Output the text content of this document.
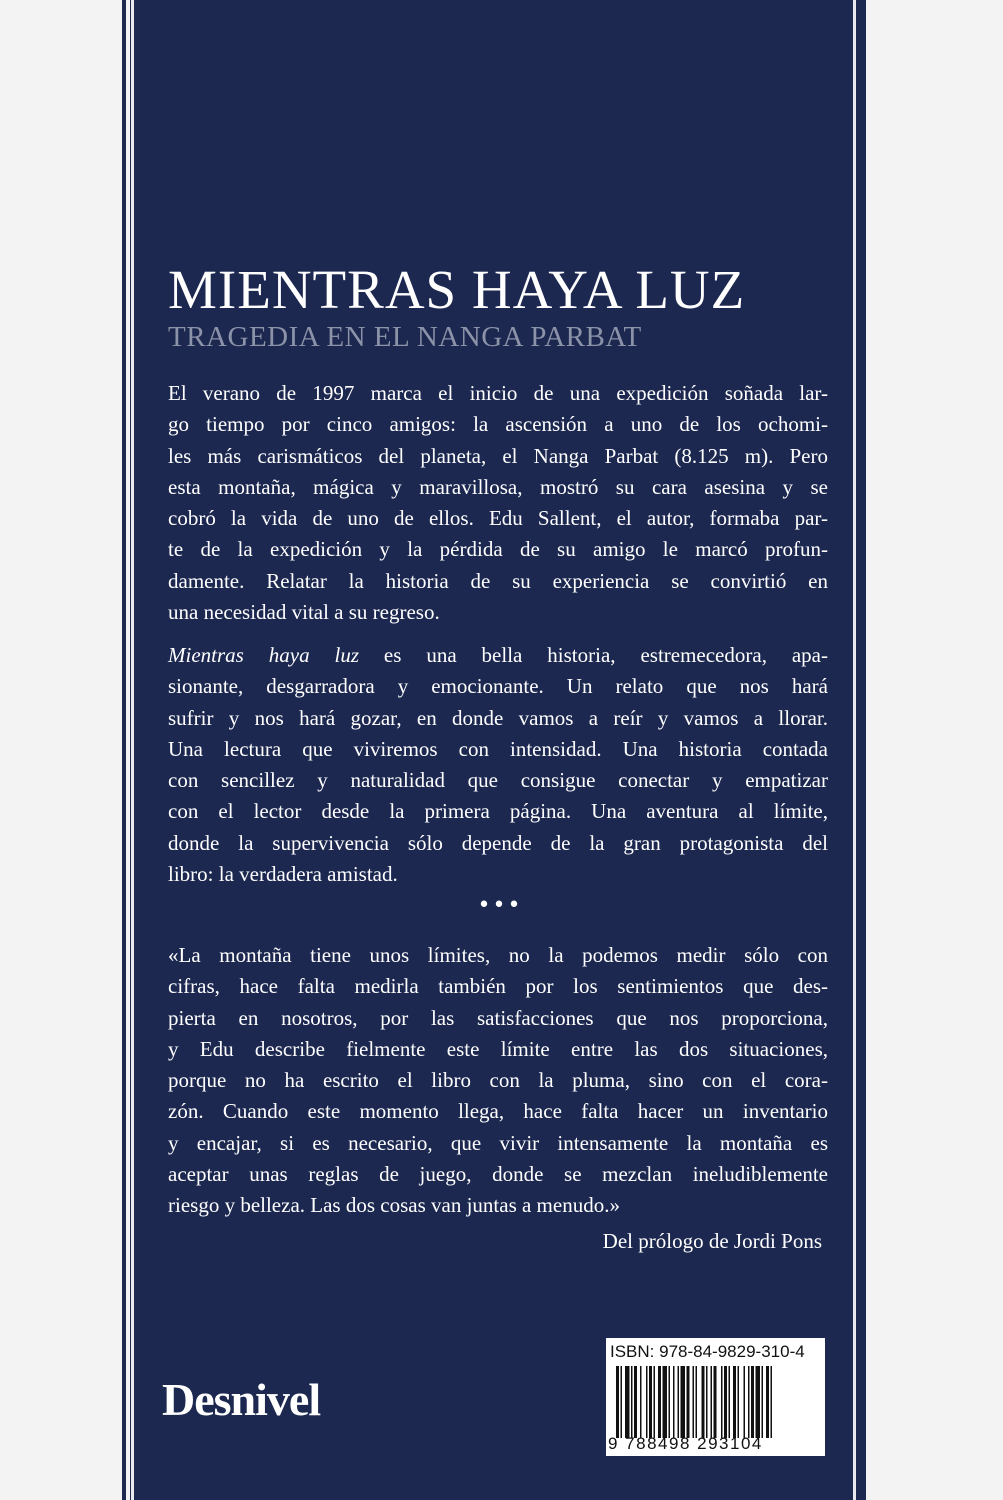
MIENTRAS HAYA LUZ
TRAGEDIA EN EL NANGA PARBAT
El verano de 1997 marca el inicio de una expedición soñada lar-
go tiempo por cinco amigos: la ascensión a uno de los ochomi-
les más carismáticos del planeta, el Nanga Parbat (8.125 m). Pero
esta montaña, mágica y maravillosa, mostró su cara asesina y se
cobró la vida de uno de ellos. Edu Sallent, el autor, formaba par-
te de la expedición y la pérdida de su amigo le marcó profun-
damente. Relatar la historia de su experiencia se convirtió en
una necesidad vital a su regreso.
Mientras haya luz es una bella historia, estremecedora, apa-
sionante, desgarradora y emocionante. Un relato que nos hará
sufrir y nos hará gozar, en donde vamos a reír y vamos a llorar.
Una lectura que viviremos con intensidad. Una historia contada
con sencillez y naturalidad que consigue conectar y empatizar
con el lector desde la primera página. Una aventura al límite,
donde la supervivencia sólo depende de la gran protagonista del
libro: la verdadera amistad.
•••
«La montaña tiene unos límites, no la podemos medir sólo con
cifras, hace falta medirla también por los sentimientos que des-
pierta en nosotros, por las satisfacciones que nos proporciona,
y Edu describe fielmente este límite entre las dos situaciones,
porque no ha escrito el libro con la pluma, sino con el cora-
zón. Cuando este momento llega, hace falta hacer un inventario
y encajar, si es necesario, que vivir intensamente la montaña es
aceptar unas reglas de juego, donde se mezclan ineludiblemente
riesgo y belleza. Las dos cosas van juntas a menudo.»
Del prólogo de Jordi Pons
Desnivel
ISBN: 978-84-9829-310-4
9 788498 293104
